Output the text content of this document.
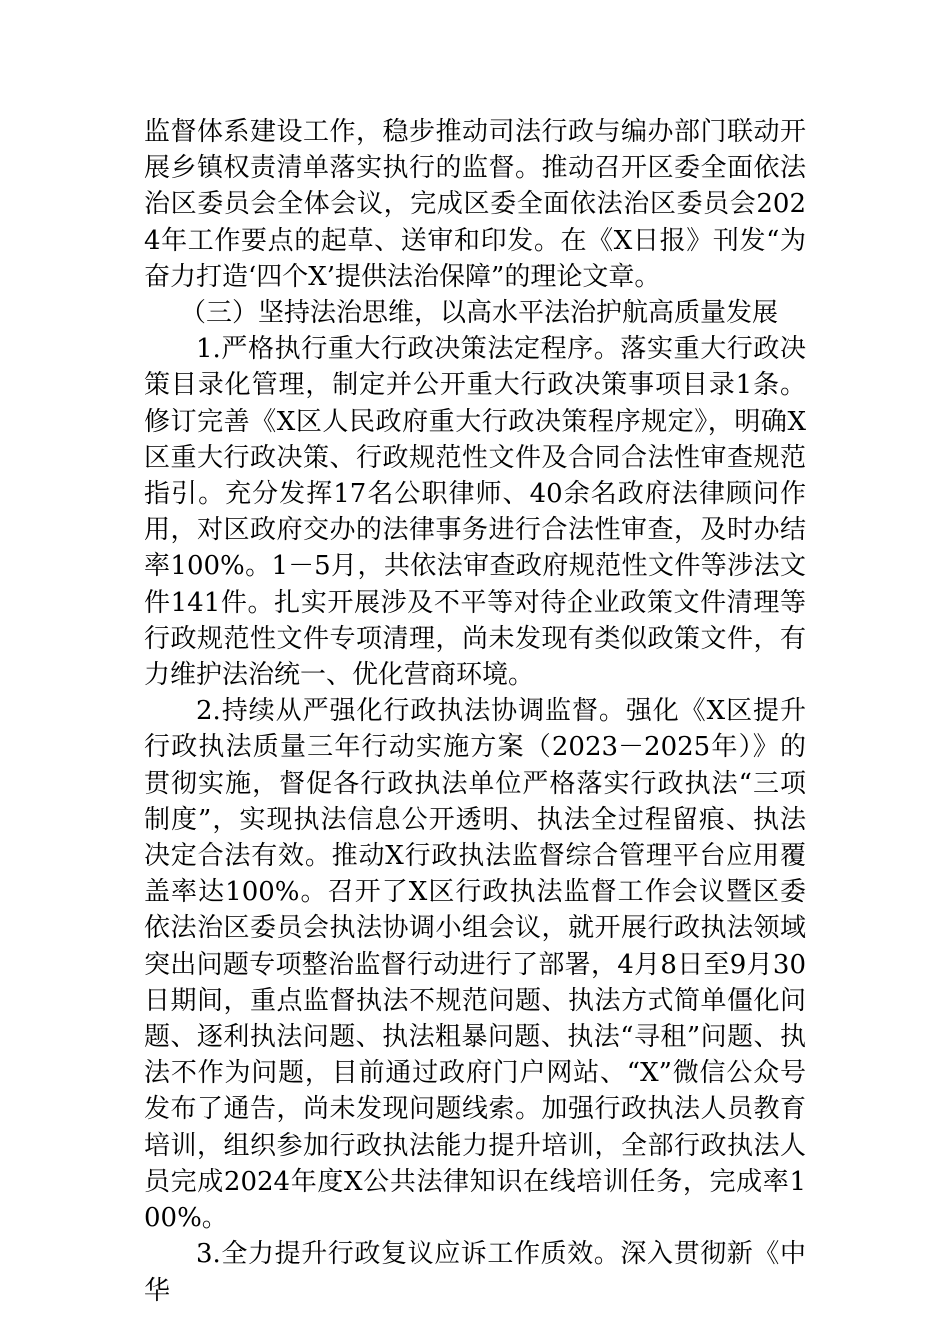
监督体系建设工作，稳步推动司法行政与编办部门联动开展乡镇权责清单落实执行的监督。推动召开区委全面依法治区委员会全体会议，完成区委全面依法治区委员会2024年工作要点的起草、送审和印发。在《X日报》刊发“为奋力打造‘四个X’提供法治保障”的理论文章。

（三）坚持法治思维，以高水平法治护航高质量发展

1.严格执行重大行政决策法定程序。落实重大行政决策目录化管理，制定并公开重大行政决策事项目录1条。修订完善《X区人民政府重大行政决策程序规定》，明确X区重大行政决策、行政规范性文件及合同合法性审查规范指引。充分发挥17名公职律师、40余名政府法律顾问作用，对区政府交办的法律事务进行合法性审查，及时办结率100%。1－5月，共依法审查政府规范性文件等涉法文件141件。扎实开展涉及不平等对待企业政策文件清理等行政规范性文件专项清理，尚未发现有类似政策文件，有力维护法治统一、优化营商环境。

2.持续从严强化行政执法协调监督。强化《X区提升行政执法质量三年行动实施方案（2023－2025年）》的贯彻实施，督促各行政执法单位严格落实行政执法“三项制度”，实现执法信息公开透明、执法全过程留痕、执法决定合法有效。推动X行政执法监督综合管理平台应用覆盖率达100%。召开了X区行政执法监督工作会议暨区委依法治区委员会执法协调小组会议，就开展行政执法领域突出问题专项整治监督行动进行了部署，4月8日至9月30日期间，重点监督执法不规范问题、执法方式简单僵化问题、逐利执法问题、执法粗暴问题、执法“寻租”问题、执法不作为问题，目前通过政府门户网站、“X”微信公众号发布了通告，尚未发现问题线索。加强行政执法人员教育培训，组织参加行政执法能力提升培训，全部行政执法人员完成2024年度X公共法律知识在线培训任务，完成率100%。

3.全力提升行政复议应诉工作质效。深入贯彻新《中华
